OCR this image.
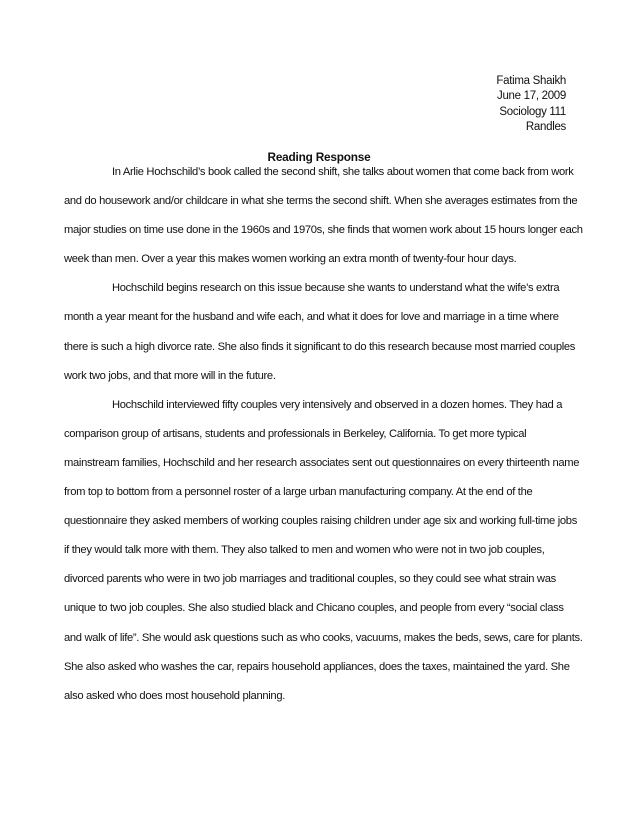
Fatima Shaikh
June 17, 2009
Sociology 111
Randles
Reading Response

In Arlie Hochschild’s book called the second shift, she talks about women that come back from work and do housework and/or childcare in what she terms the second shift. When she averages estimates from the major studies on time use done in the 1960s and 1970s, she finds that women work about 15 hours longer each week than men. Over a year this makes women working an extra month of twenty-four hour days.

Hochschild begins research on this issue because she wants to understand what the wife’s extra month a year meant for the husband and wife each, and what it does for love and marriage in a time where there is such a high divorce rate. She also finds it significant to do this research because most married couples work two jobs, and that more will in the future.

Hochschild interviewed fifty couples very intensively and observed in a dozen homes. They had a comparison group of artisans, students and professionals in Berkeley, California. To get more typical mainstream families, Hochschild and her research associates sent out questionnaires on every thirteenth name from top to bottom from a personnel roster of a large urban manufacturing company. At the end of the questionnaire they asked members of working couples raising children under age six and working full-time jobs if they would talk more with them. They also talked to men and women who were not in two job couples, divorced parents who were in two job marriages and traditional couples, so they could see what strain was unique to two job couples. She also studied black and Chicano couples, and people from every “social class and walk of life”. She would ask questions such as who cooks, vacuums, makes the beds, sews, care for plants. She also asked who washes the car, repairs household appliances, does the taxes, maintained the yard. She also asked who does most household planning.
